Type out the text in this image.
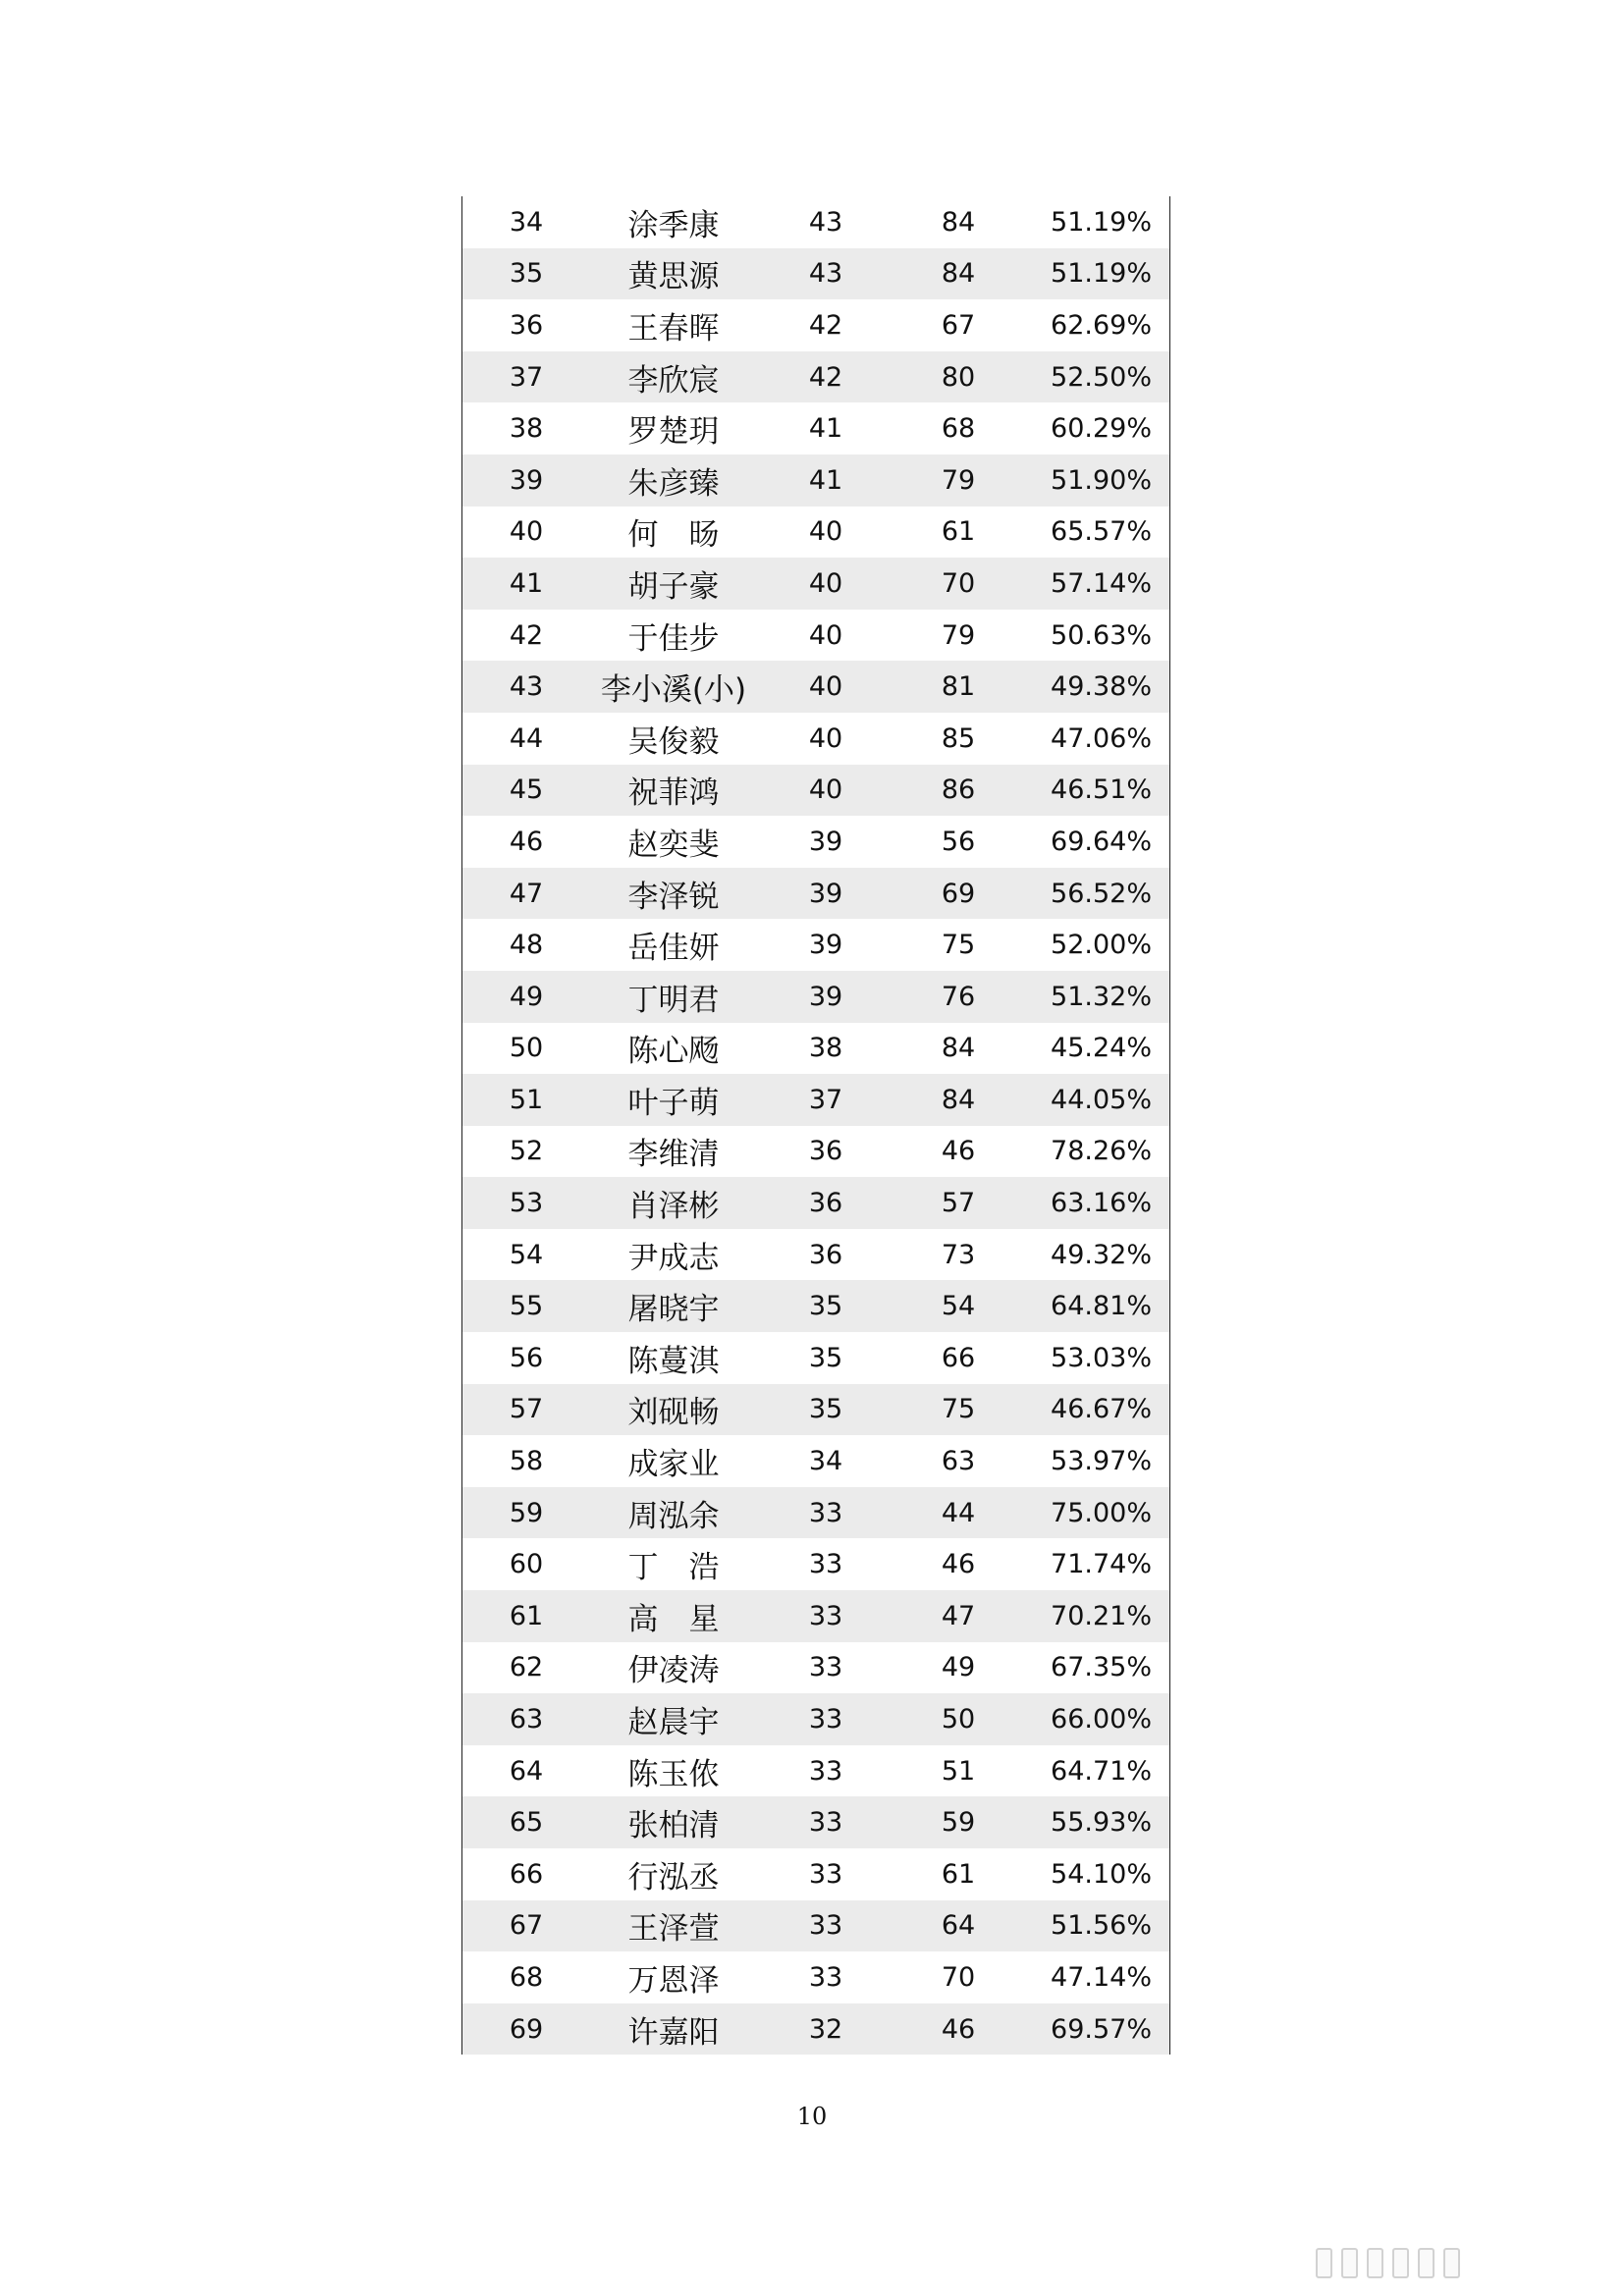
34	涂季康	43	84	51.19%
35	黄思源	43	84	51.19%
36	王春晖	42	67	62.69%
37	李欣宸	42	80	52.50%
38	罗楚玥	41	68	60.29%
39	朱彦臻	41	79	51.90%
40	何　旸	40	61	65.57%
41	胡子豪	40	70	57.14%
42	于佳步	40	79	50.63%
43	李小溪(小)	40	81	49.38%
44	吴俊毅	40	85	47.06%
45	祝菲鸿	40	86	46.51%
46	赵奕斐	39	56	69.64%
47	李泽锐	39	69	56.52%
48	岳佳妍	39	75	52.00%
49	丁明君	39	76	51.32%
50	陈心飏	38	84	45.24%
51	叶子萌	37	84	44.05%
52	李维清	36	46	78.26%
53	肖泽彬	36	57	63.16%
54	尹成志	36	73	49.32%
55	屠晓宇	35	54	64.81%
56	陈蔓淇	35	66	53.03%
57	刘砚畅	35	75	46.67%
58	成家业	34	63	53.97%
59	周泓余	33	44	75.00%
60	丁　浩	33	46	71.74%
61	高　星	33	47	70.21%
62	伊凌涛	33	49	67.35%
63	赵晨宇	33	50	66.00%
64	陈玉侬	33	51	64.71%
65	张柏清	33	59	55.93%
66	行泓丞	33	61	54.10%
67	王泽萱	33	64	51.56%
68	万恩泽	33	70	47.14%
69	许嘉阳	32	46	69.57%
10
